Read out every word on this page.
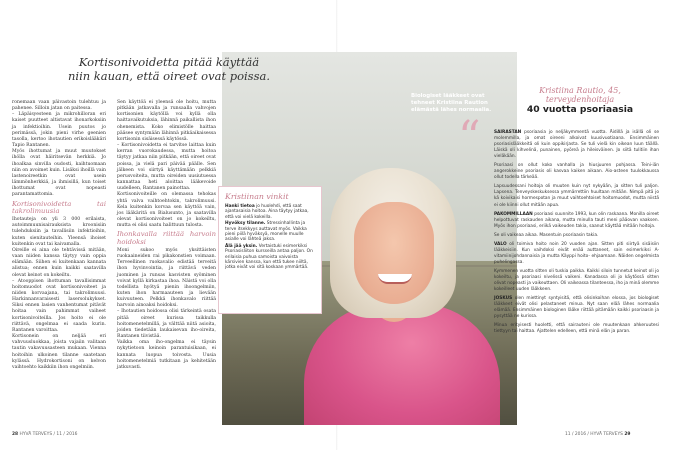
Biologiset lääkkeet ovat
tehneet Kristiina Raution
elämästä lähes normaalia.
Kortisonivoidetta pitää käyttää
niin kauan, että oireet ovat poissa.

ronemaan vaan päivastoin tulehtuu ja pahenee. Silloin jatan on paitessa.

– Läpäisyesteen ja mikrohilloran eri kaiset puutteet altistavat ihonarkoksiin ja infektioihin. Usein puutos jo perimässä, jokin pieni virhe geenien tasolla, kertoo ihotautien erikoislääkäri Tapio Rantanen.

Myös ihottumat ja muut muutokset ihölla ovat häiritsevän herkkiä. Jo ihoalkaa sinvilla oudosti, kaihtuomaan niin on avoimet kuin. Lisäksi ihoillä vain lastenoireetkin ovat usein lämmönherkkiä, ja ihmisillä, kun toiset ihottumat ovat nopeasti parantamattomia.

Kortisonivoidetta tai takrolimuusia

Ihotauteja on yli 3 000 erilaista, autoimmuunisairauksista kroonisiin tulehduksiin ja tavallisiin infektioihin, kuten sienitauteihin. Yleensä ihoiset kuitenkin ovat tai kaivamalla.

Oireille ei aina ole tehtävissä mitään, vaan niiden kanssa täytyy vain oppia elämään. Siihen ei kuitenkaan kannata alistua; ennen kuin kaikki saatavilla olevat keinot on kokeiltu.

– Atooppisen ihottuman tavallisimmat hoitomuodot ovat kortisonivoiteet ja niiden korvaajana, tai takrolimuusi. Harkinnanvaraisesti lasersolukykset. Siksi ennen lasien vanhentumat pitävät hoitaa vain pahimmat vaiheet kortisonivoiteilla. Jos hoito ei ole riittävä, ongelmaa ei saada kurin. Rantanen varoittaa.

Kortisonein on neljää eri vahvuusluokkaa, joista vajaiin valitaan tautin vakavuusasteen mukaan. Vienna hoitoihin ulkoinen tilanne saatetaan kylässä. Hydrokortisoni on kelvon vaihtoehto kaikkiin ihon ongelmiin.

Sen käyttöä ei yleensä ole hoitu, mutta pitkään jatkavalla ja runsaalla vahvojen kortisonien käytöllä voi kyllä olla haittavaikutuksia, lähinnä paikallista ihon ohenemista. Koko elimistölle haittaa pääsee syntymään lähinnä pitkäaikaisessa kortisonin sisäisessä käytössä.

– Kortisonivoidetta ei tarvitse laittaa kuin kerran vuorokaudessa, mutta hoitoa täytyy jatkaa niin pitkään, että oireet ovat poissa, ja vielä pari päivää päälle. Sen jälkeen voi siirtyä käyttämään pelkkiä perusvoiteita, mutta oireiden uusiutuessa kannattaa heti aloittaa lääkevoide uudelleen, Rantanen painottaa.

Kortisonivoiteille on olemassa tehokas yhtä valva vaihtoehtokin, takrolimuusi. Kela kuitenkin korvaa sen käyttöä vain, jos lääkäritä on Bialusunto, ja saatavilla olevat kortisonivoiteet on jo kokeiltu, mutta ei olisi saatu halittuun tulosta.

Ihonkavalla riittää harvoin hoidoksi

Moni sukoo myös yksittäisten ruokaaineiden rai pikakonstien voimaan. Terveellinen ruokavalio edistää terveitä ihon hyvinvointia, ja riittävä veden juominen ja runsas kasvisten syöminen voivat kyllä kirkastaa ihoa. Näistä voi olla todellista hyötyä pienin ihoongelmiin, kuten ihon harmaauteen ja lievään kuivuuteen. Pelkkä ihonkavalo riittää harvoin ainoaksi hoidoksi.

– Ihotautien hoidossa olisi tärkeintä osata pitää oireet kurissa taikkulla hoitomenetelmillä, ja välttää niitä asioita, joiden tiedetään laukaisevan iho-oireita, Rantanen tiivistää.

Vaikka oma iho-ongelma ei täysin nykytietoon keinoin parantuisikaan, ei kannata luopua toivosta. Uusia hoitomenetelmiä tutkitaan ja kehitetään jatkuvasti.

Kristiinan vinkit
Hanki tietoa jo huolehdi, että saat ajantasaisia hoitoa. Aina täytyy jatkaa, että voi vielä kokeilla.
Hyvöksy tilanne. Stressinhallinta ja terve itsekkyys auttavat myös. Vaikka pieni piilä hyväksyä, monelle muulle asialle voi lähteä jaksa.
Älä jää yksin. Vertaistuki esimerkiksi Psoriasisliiton kursseilla antaa paljon. On erilaisia puhua samoista vaivoista kärsivien kanssa, kun että tukee niiltä, jotka eivät voi sitä koskaan ymmärtää.
Kristiina Rautio, 45,
terveydenhoitaja
40 vuotta psoriaasia
“	SAIRASTAN psoriaasia jo neljäkymmentä vuotta. Äidillä ja isällä oli se molemmilla, ja omat oireeni alkoivat kuusivuotiaana. Ensimmäinen psoriasislääkkeitä oli kuin oppikirjasta. Se tuli vielä kin oikean luun täällä. Läiskä oli kihvelinä, punainen, pyöreä ja hileisväinen. Jo siitä tulitiin ihan vieläkään.

Psoriaasi on ollut koko vanhalla ja hiusjuuren pohjassa. Teini-iän angerokkeine psoriasis oli kasvaa kaiken aikaan. Aio-asteen tuulokkaussa ollut todella tärkeää.

Lapsuudessani hoitoja oli muuten kuin nyt nykyään, ja sitten tuli paljon. Lapsena. Tenveyskeskuksessa ymmärrettiin huultaan mitään. Nimpä pitä jo kä koivikaisi hormespotan ja muut vaihtoehtoiset hoitomuodot, mutta niistä ei ole kiinni ollut mitään apua.

PAKOMMILLAAN psoriaasi suunnite 1993, kun olin raskaana. Monilla oireet helpottuvat raskauden aikana, mutta minulla tauti meni pääovan vaaksen. Myös ihon psoriaasi, eriikä vaikeuden takia, saanut käyttää mitään hoitoja.

Se oli vaikeaa aikaa. Masentuin psoriaasin takia.

VALO oli toimiva hoito noin 20 vuoden ajan. Sitten piti siirtyä sisäisiin lääkkeisiin. Kun vaihdoksi eivät enää auttaneet, sain esimerkiksi A-vitamiinijohdannaisia ja mutta Käyppi hoito- ehjaamaan. Näiden ongelmista puhelingassa.

Kymmenen vuotta sitten oli tuskia paikka. Kaikki siloin tunnetut keinot oli jo kokeiltu, ja psoriaasi nivelissä vaikeni. Kanadassa oli jo käytössä sitten olivat nopeasti ja vaikeuttaen. Oli vaikeassa tilanteessa, iho ja minä olemme kokeilleet uuden lääkkeen.

JOSKUS olen miettinyt syntyisitä, että olisinkoihan elossa, jos biologiset lääkkeet eivät olisi pelastaneet minua. Nyt saan elää lähes normaalia elämää. Ensimmäinen biologinen lääke riittää pitämään kaikki psoriaasin ja pysyttää ne kurissa.

Minua erityisesti huoletti, että sairauteni ole muutenkaan ahkeruutesi tiettyyn tai haittaa. Ajattelen edelleen, että minä elän ja paran.

28 HYVÄ TERVEYS / 11 / 2016	11 / 2016 / HYVÄ TERVEYS 29
